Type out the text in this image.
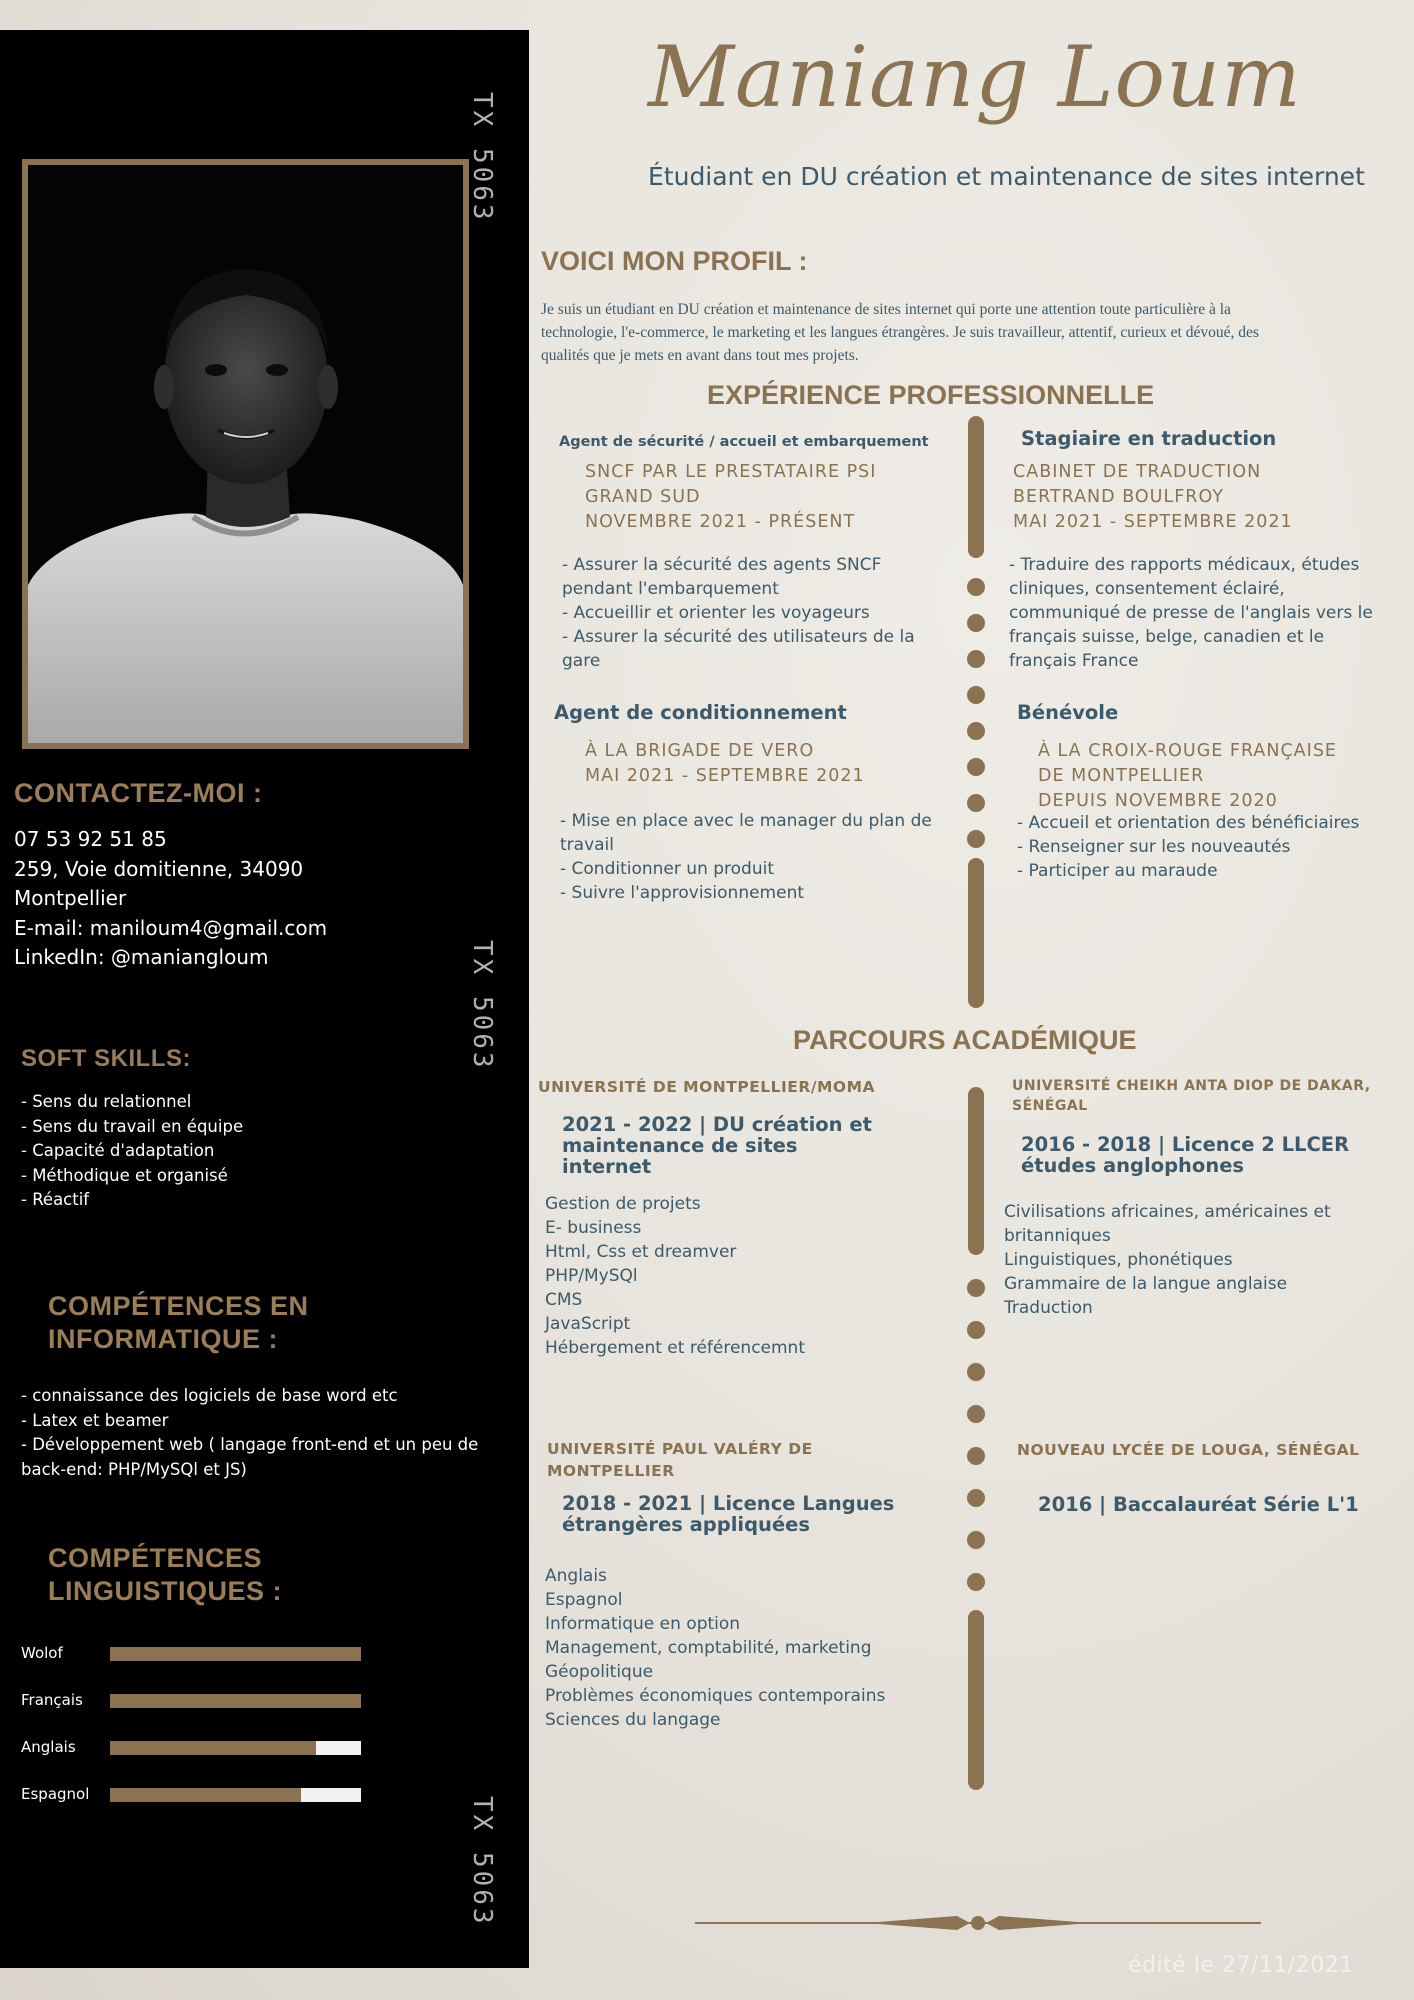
TX 5063
TX 5063
TX 5063
CONTACTEZ-MOI :
07 53 92 51 85
259, Voie domitienne, 34090
Montpellier
E-mail: maniloum4@gmail.com
LinkedIn: @maniangloum
SOFT SKILLS:
- Sens du relationnel
- Sens du travail en équipe
- Capacité d'adaptation
- Méthodique et organisé
- Réactif
COMPÉTENCES EN
INFORMATIQUE :
- connaissance des logiciels de base word etc
- Latex et beamer
- Développement web ( langage front-end et un peu de back-end: PHP/MySQl et JS)
COMPÉTENCES
LINGUISTIQUES :
Wolof
Français
Anglais
Espagnol
Maniang Loum
Étudiant en DU création et maintenance de sites internet
VOICI MON PROFIL :
Je suis un étudiant en DU création et maintenance de sites internet qui porte une attention toute particulière à la technologie, l'e-commerce, le marketing et les langues étrangères. Je suis travailleur, attentif, curieux et dévoué, des qualités que je mets en avant dans tout mes projets.
EXPÉRIENCE PROFESSIONNELLE
Agent de sécurité / accueil et embarquement
SNCF PAR LE PRESTATAIRE PSI
GRAND SUD
NOVEMBRE 2021 - PRÉSENT
- Assurer la sécurité des agents SNCF pendant l'embarquement
- Accueillir et orienter les voyageurs
- Assurer la sécurité des utilisateurs de la gare
Stagiaire en traduction
CABINET DE TRADUCTION
BERTRAND BOULFROY
MAI 2021 - SEPTEMBRE 2021
- Traduire des rapports médicaux, études cliniques, consentement éclairé, communiqué de presse de l'anglais vers le français suisse, belge, canadien et le français France
Agent de conditionnement
À LA BRIGADE DE VERO
MAI 2021 - SEPTEMBRE 2021
- Mise en place avec le manager du plan de travail
- Conditionner un produit
- Suivre l'approvisionnement
Bénévole
À LA CROIX-ROUGE FRANÇAISE
DE MONTPELLIER
DEPUIS NOVEMBRE 2020
- Accueil et orientation des bénéficiaires
- Renseigner sur les nouveautés
- Participer au maraude
PARCOURS ACADÉMIQUE
UNIVERSITÉ DE MONTPELLIER/MOMA
2021 - 2022 | DU création et maintenance de sites internet
Gestion de projets
E- business
Html, Css et dreamver
PHP/MySQl
CMS
JavaScript
Hébergement et référencemnt
UNIVERSITÉ CHEIKH ANTA DIOP DE DAKAR, SÉNÉGAL
2016 - 2018 | Licence 2 LLCER études anglophones
Civilisations africaines, américaines et britanniques
Linguistiques, phonétiques
Grammaire de la langue anglaise
Traduction
UNIVERSITÉ PAUL VALÉRY DE MONTPELLIER
2018 - 2021 | Licence Langues étrangères appliquées
Anglais
Espagnol
Informatique en option
Management, comptabilité, marketing
Géopolitique
Problèmes économiques contemporains
Sciences du langage
NOUVEAU LYCÉE DE LOUGA, SÉNÉGAL
2016 | Baccalauréat Série L'1
édité le 27/11/2021
